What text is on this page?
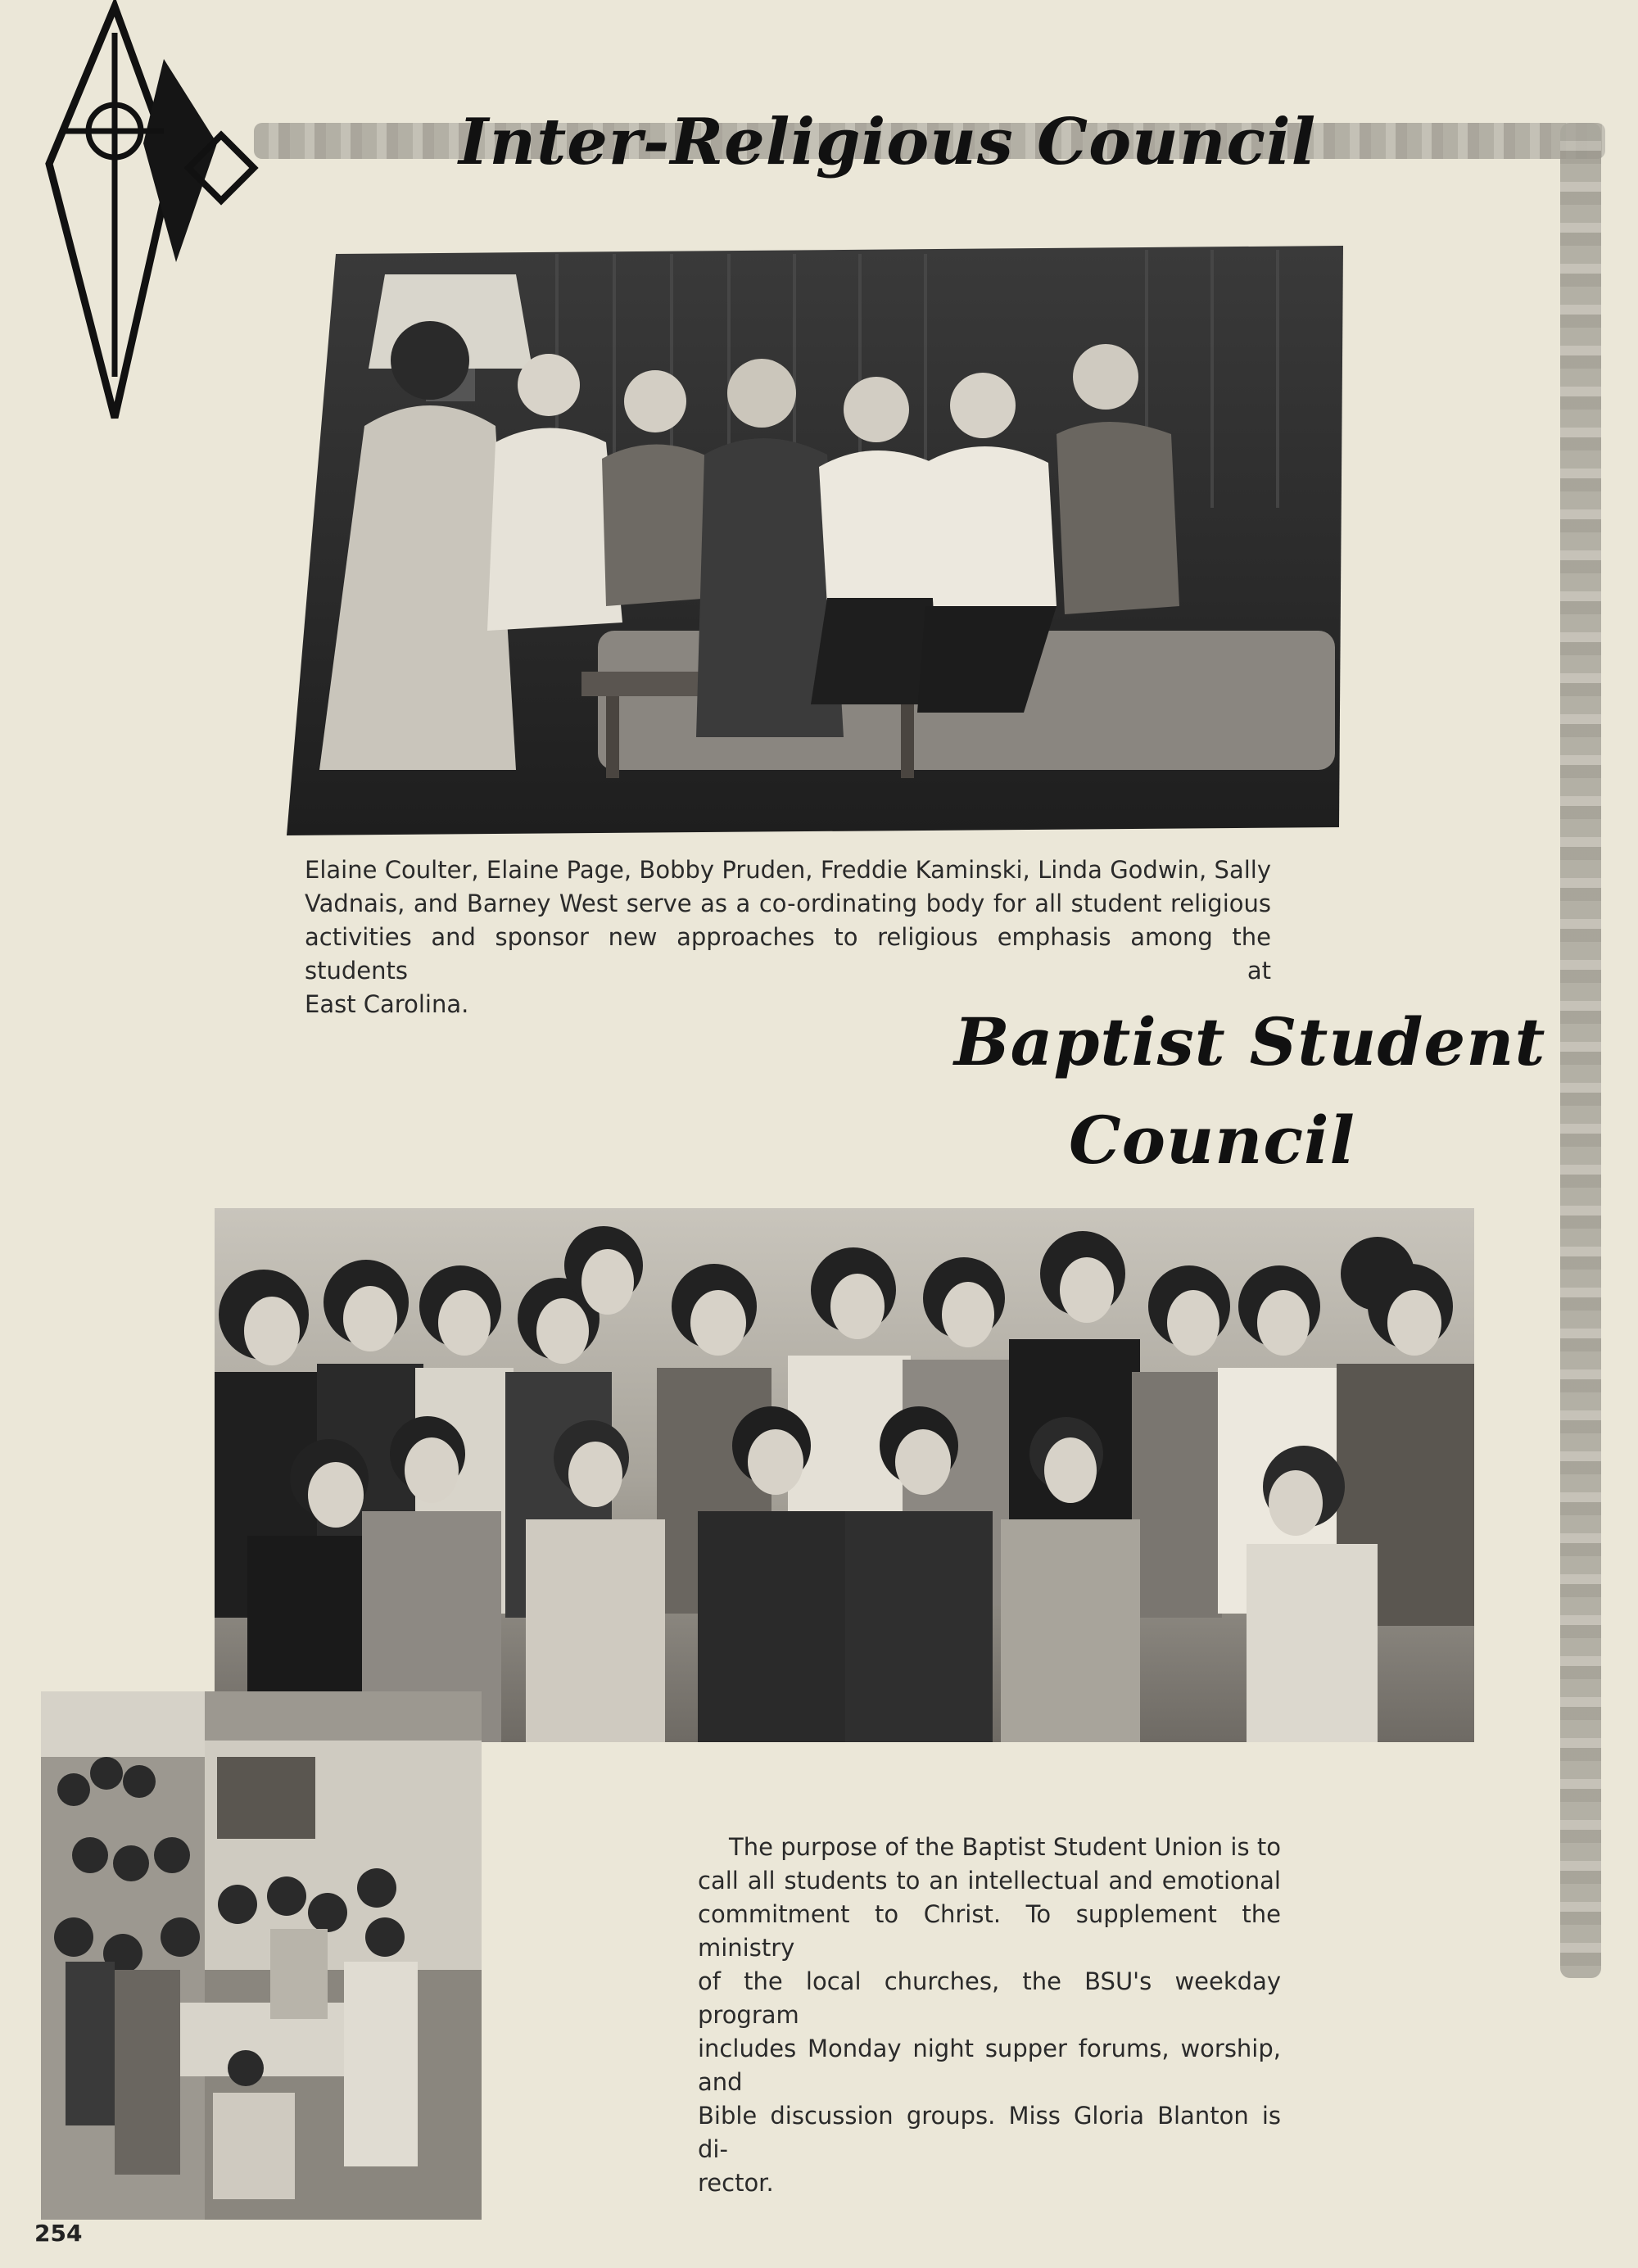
Inter-Religious Council
Elaine Coulter, Elaine Page, Bobby Pruden, Freddie Kaminski, Linda Godwin, Sally
Vadnais, and Barney West serve as a co-ordinating body for all student religious
activities and sponsor new approaches to religious emphasis among the students at
East Carolina.	Baptist Student
Council
The purpose of the Baptist Student Union is to
call all students to an intellectual and emotional
commitment to Christ. To supplement the ministry
of the local churches, the BSU's weekday program
includes Monday night supper forums, worship, and
Bible discussion groups. Miss Gloria Blanton is di-
rector.
254
